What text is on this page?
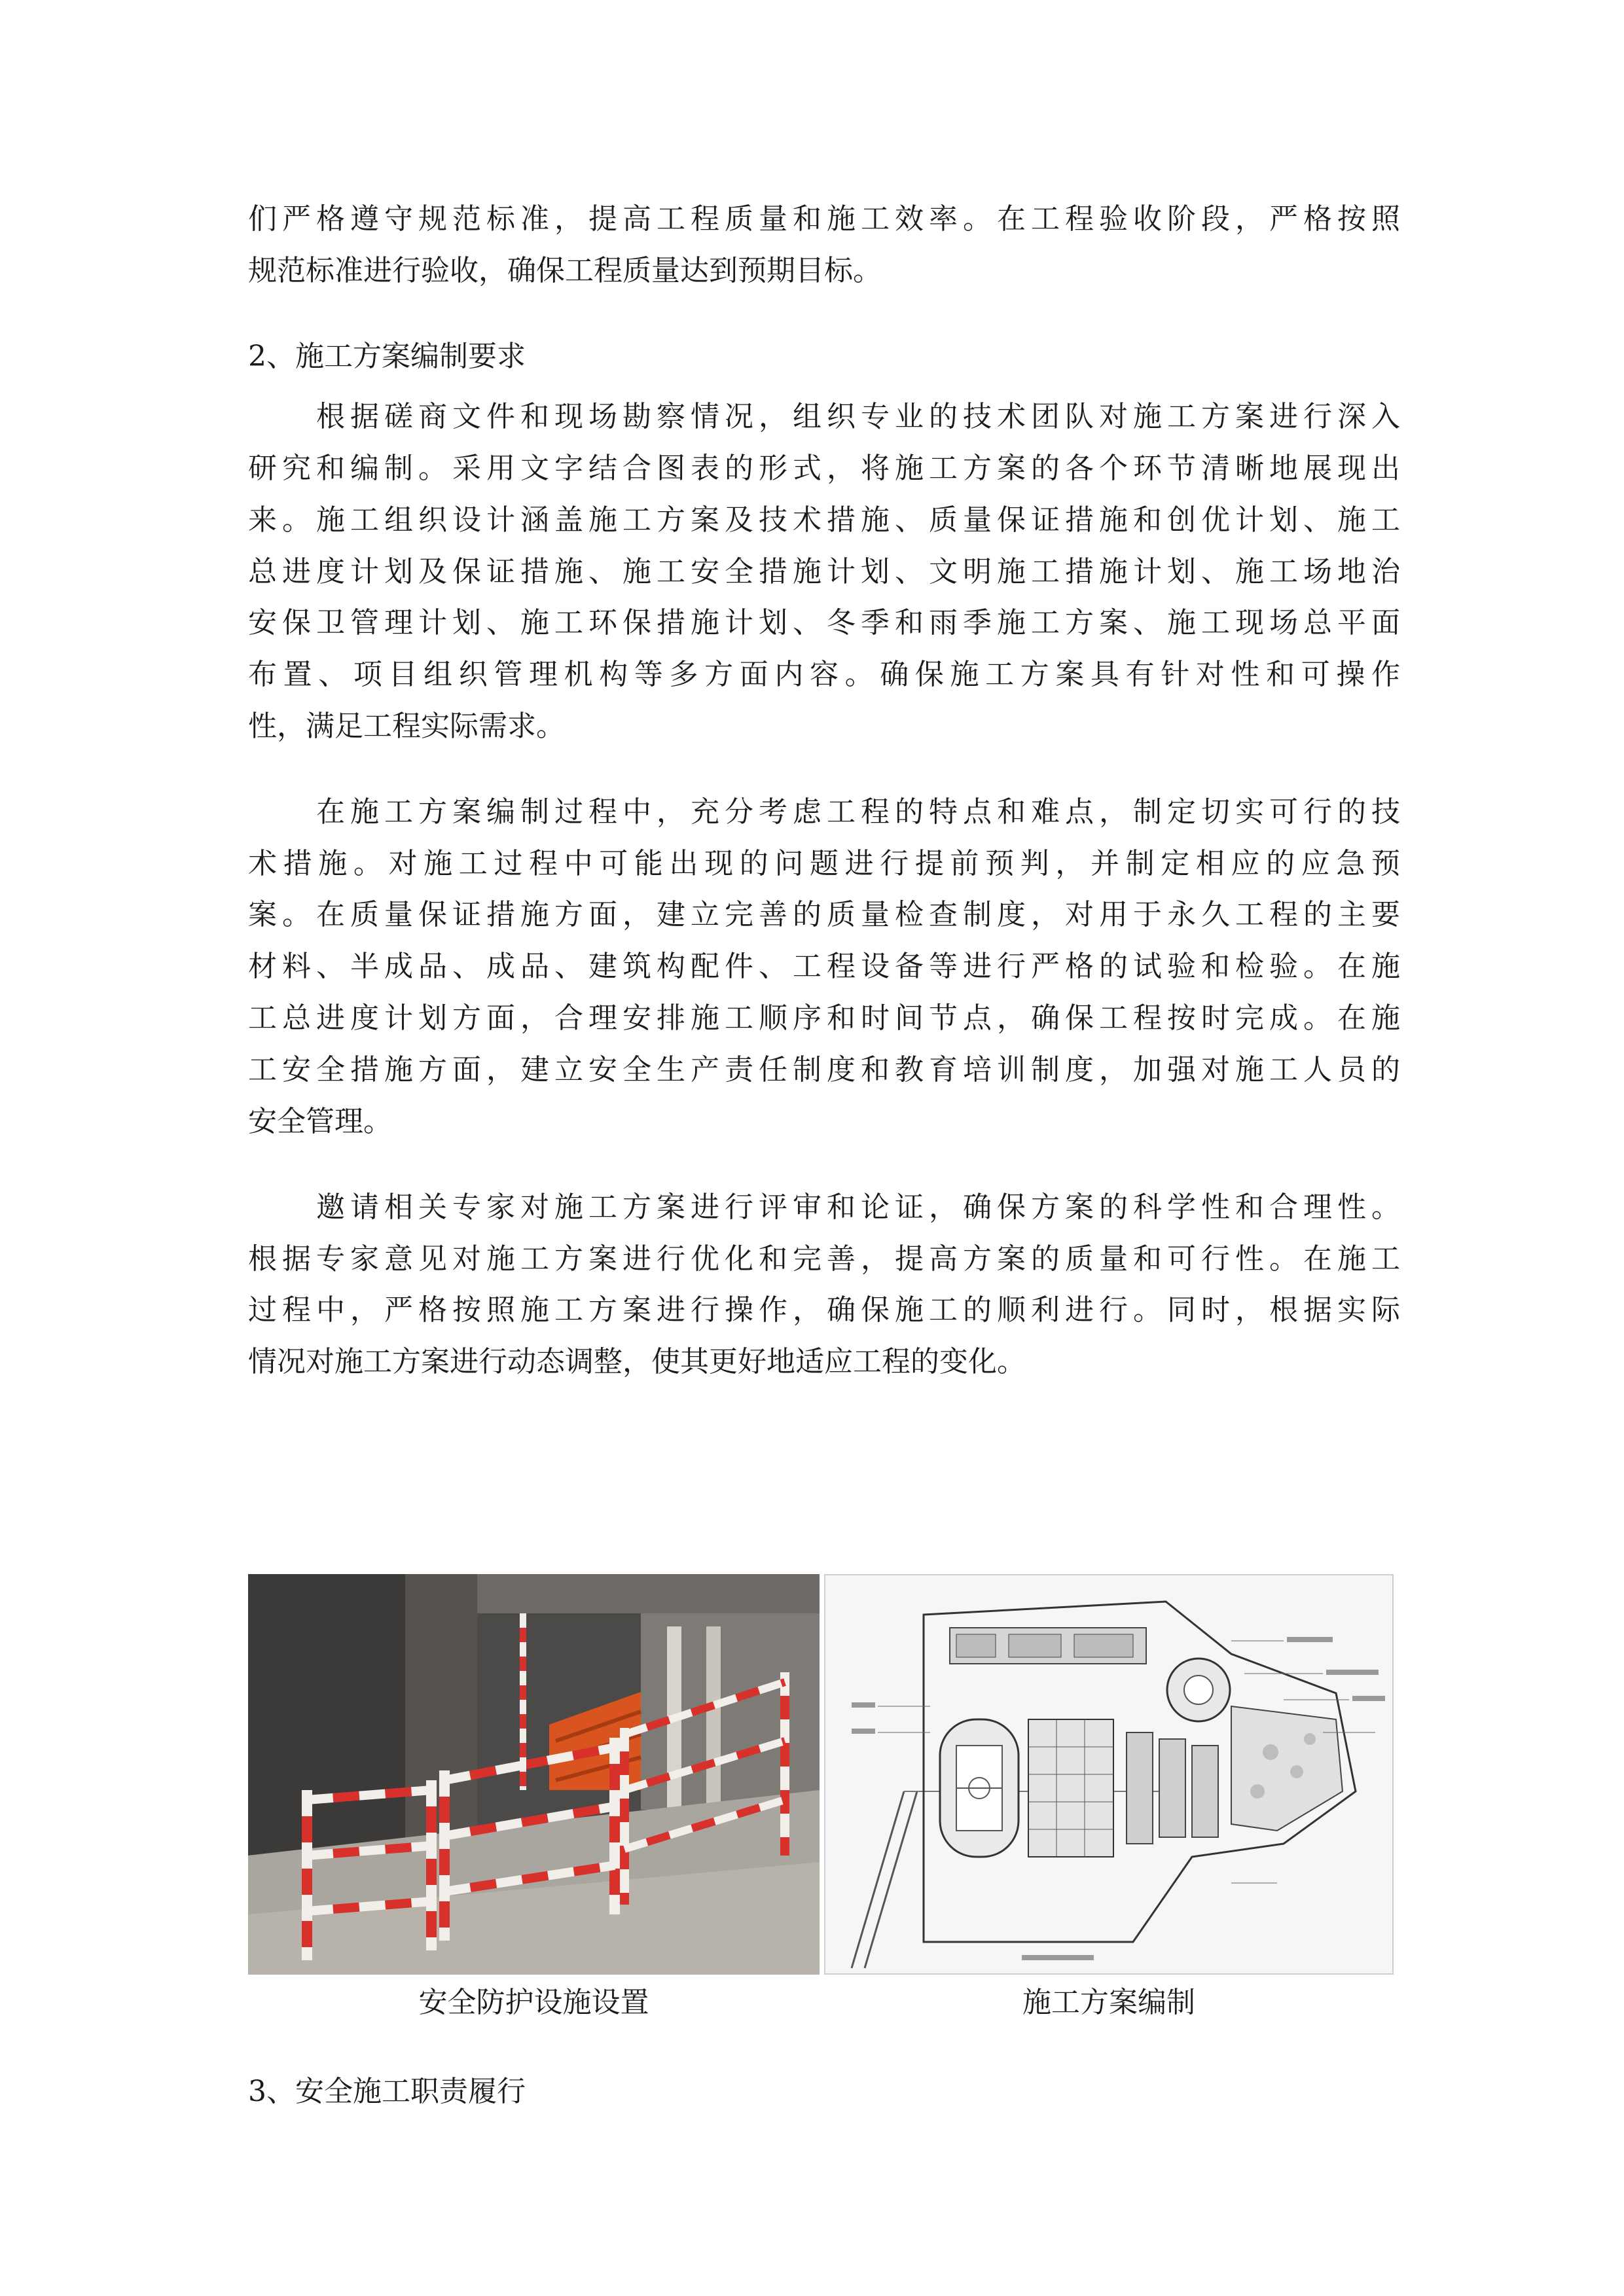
们严格遵守规范标准，提高工程质量和施工效率。在工程验收阶段，严格按照
规范标准进行验收，确保工程质量达到预期目标。
2、施工方案编制要求
　　根据磋商文件和现场勘察情况，组织专业的技术团队对施工方案进行深入
研究和编制。采用文字结合图表的形式，将施工方案的各个环节清晰地展现出
来。施工组织设计涵盖施工方案及技术措施、质量保证措施和创优计划、施工
总进度计划及保证措施、施工安全措施计划、文明施工措施计划、施工场地治
安保卫管理计划、施工环保措施计划、冬季和雨季施工方案、施工现场总平面
布置、项目组织管理机构等多方面内容。确保施工方案具有针对性和可操作
性，满足工程实际需求。
　　在施工方案编制过程中，充分考虑工程的特点和难点，制定切实可行的技
术措施。对施工过程中可能出现的问题进行提前预判，并制定相应的应急预
案。在质量保证措施方面，建立完善的质量检查制度，对用于永久工程的主要
材料、半成品、成品、建筑构配件、工程设备等进行严格的试验和检验。在施
工总进度计划方面，合理安排施工顺序和时间节点，确保工程按时完成。在施
工安全措施方面，建立安全生产责任制度和教育培训制度，加强对施工人员的
安全管理。
　　邀请相关专家对施工方案进行评审和论证，确保方案的科学性和合理性。
根据专家意见对施工方案进行优化和完善，提高方案的质量和可行性。在施工
过程中，严格按照施工方案进行操作，确保施工的顺利进行。同时，根据实际
情况对施工方案进行动态调整，使其更好地适应工程的变化。
安全防护设施设置	施工方案编制
3、安全施工职责履行
